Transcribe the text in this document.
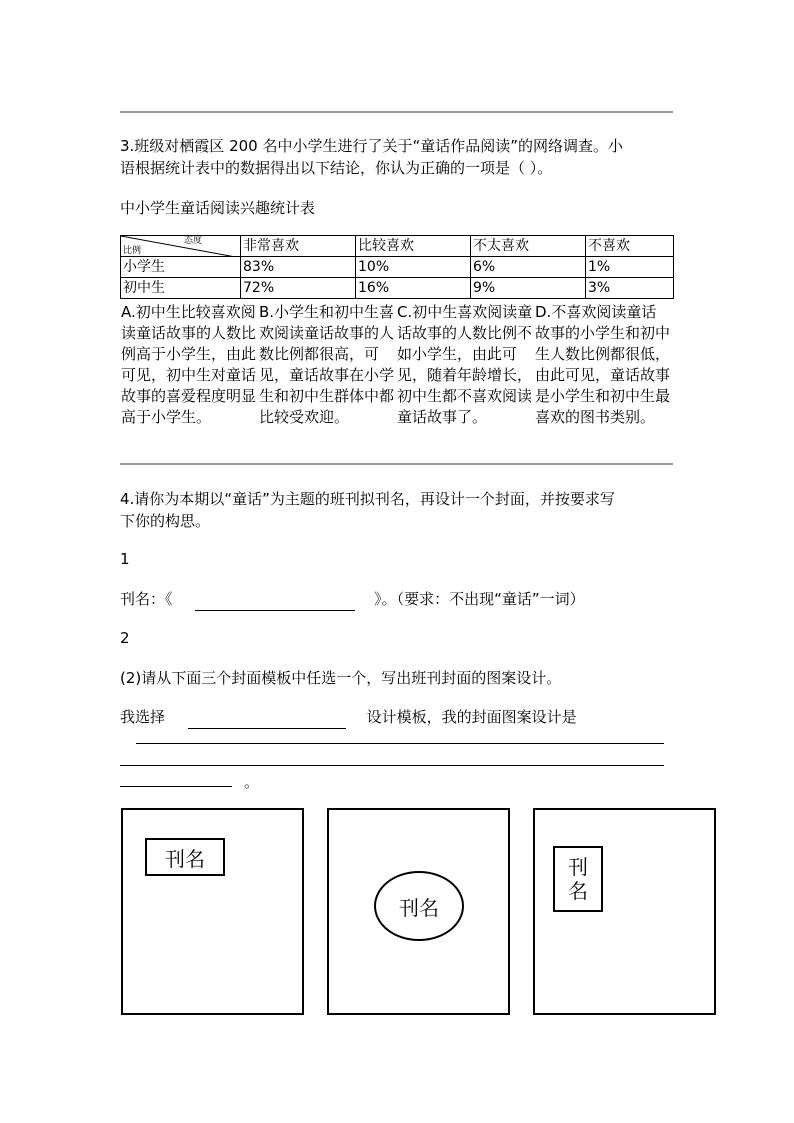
3.班级对栖霞区 200 名中小学生进行了关于“童话作品阅读”的网络调查。小
语根据统计表中的数据得出以下结论，你认为正确的一项是（ ）。
中小学生童话阅读兴趣统计表
态度
比例	非常喜欢	比较喜欢	不太喜欢	不喜欢
小学生	83%	10%	6%	1%
初中生	72%	16%	9%	3%
A.初中生比较喜欢阅读童话故事的人数比例高于小学生，由此可见，初中生对童话故事的喜爱程度明显高于小学生。
B.小学生和初中生喜欢阅读童话故事的人数比例都很高，可见，童话故事在小学生和初中生群体中都比较受欢迎。
C.初中生喜欢阅读童话故事的人数比例不如小学生，由此可见，随着年龄增长，初中生都不喜欢阅读童话故事了。
D.不喜欢阅读童话故事的小学生和初中生人数比例都很低，由此可见，童话故事是小学生和初中生最喜欢的图书类别。
4.请你为本期以“童话”为主题的班刊拟刊名，再设计一个封面，并按要求写
下你的构思。
1
刊名：《	》。（要求：不出现“童话”一词）
2
(2)请从下面三个封面模板中任选一个，写出班刊封面的图案设计。
我选择	设计模板，我的封面图案设计是
。
刊名
刊名
刊
名
